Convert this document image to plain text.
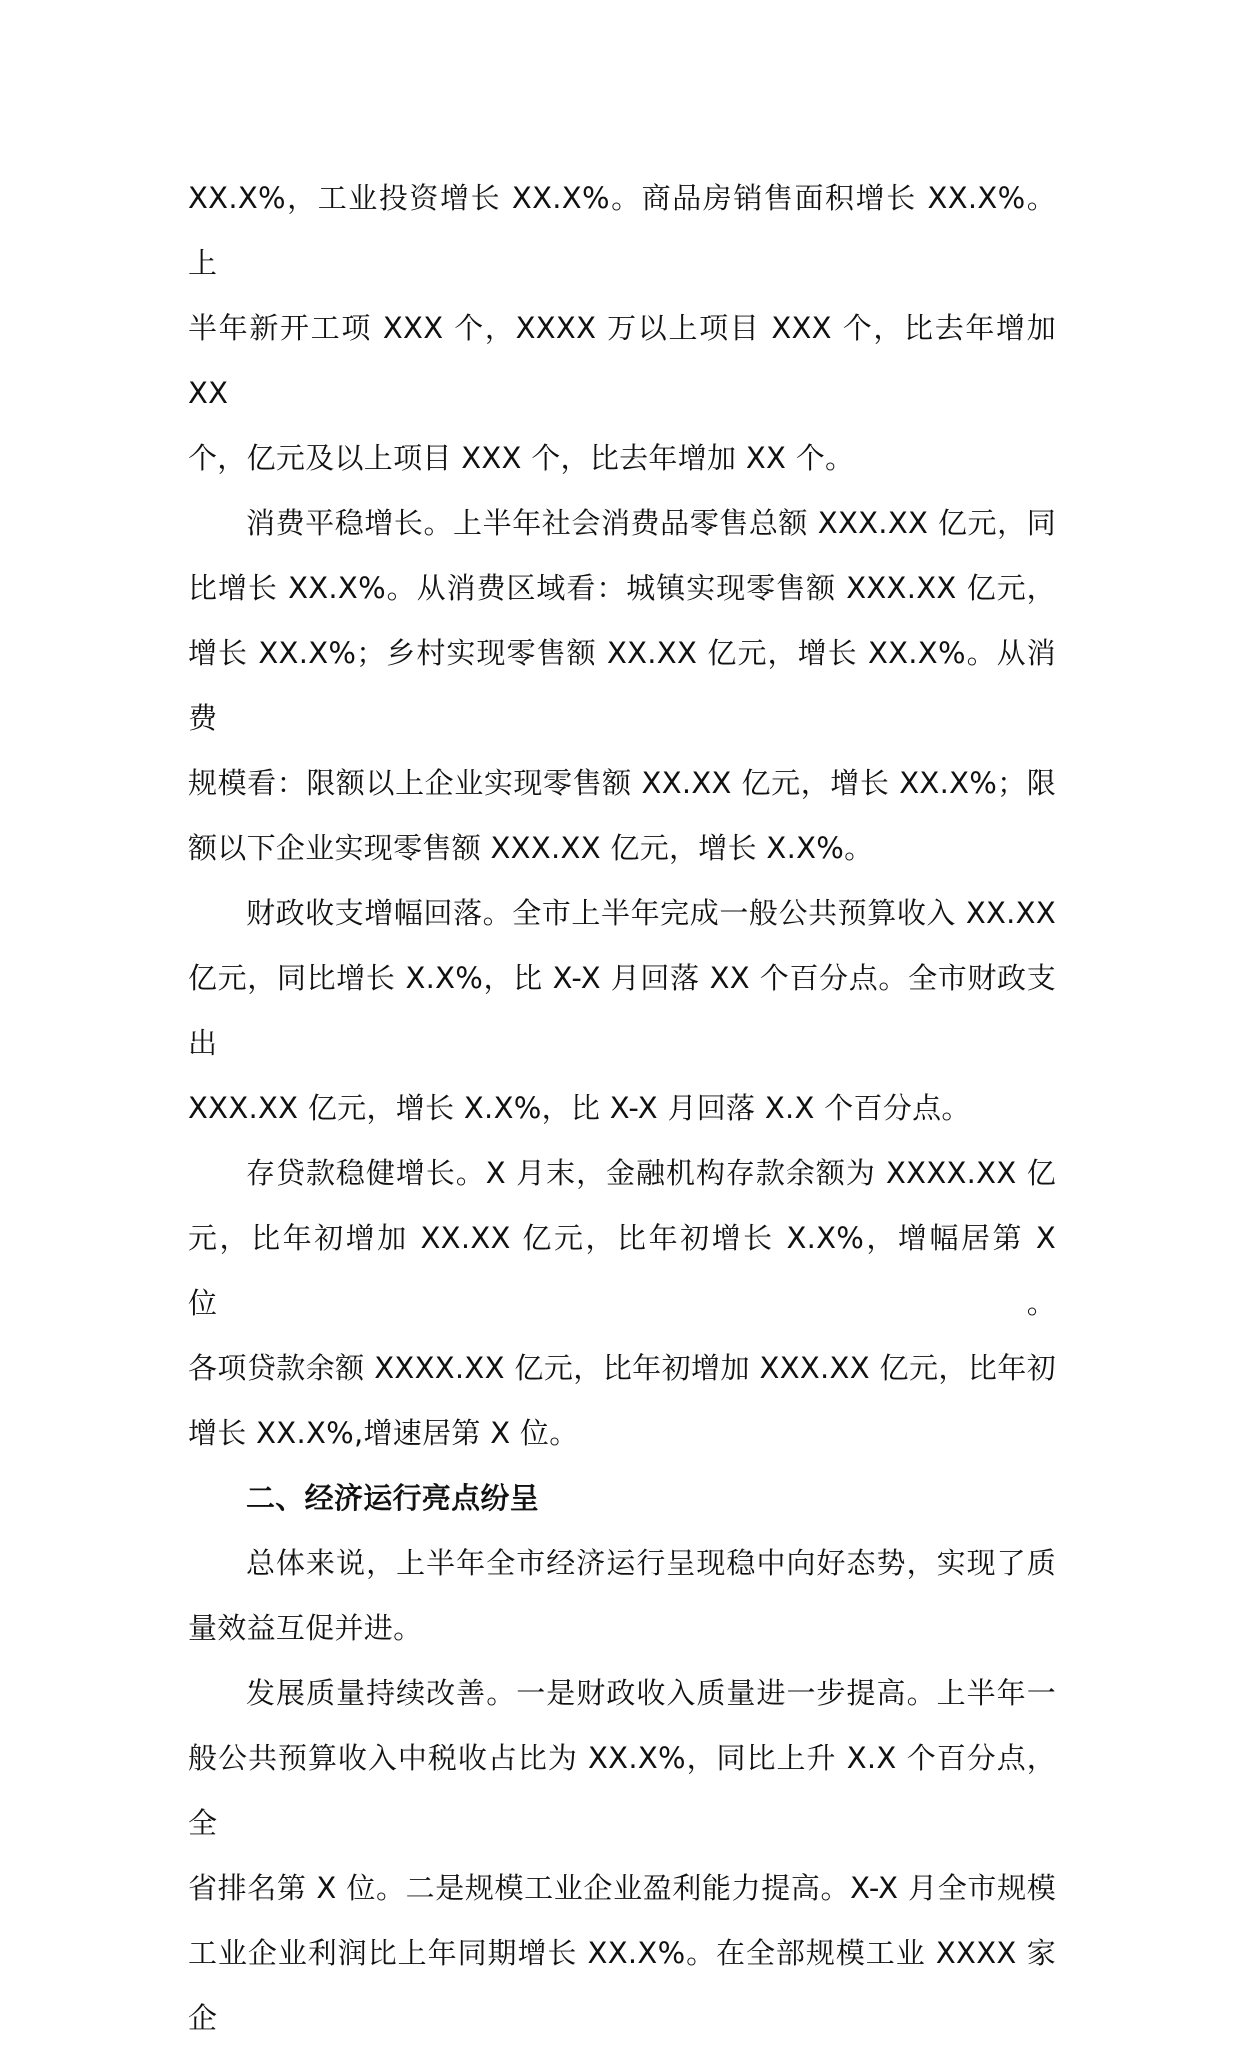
XX.X%，工业投资增长 XX.X%。商品房销售面积增长 XX.X%。上
半年新开工项 XXX 个，XXXX 万以上项目 XXX 个，比去年增加 XX
个，亿元及以上项目 XXX 个，比去年增加 XX 个。
消费平稳增长。上半年社会消费品零售总额 XXX.XX 亿元，同
比增长 XX.X%。从消费区域看：城镇实现零售额 XXX.XX 亿元，
增长 XX.X%；乡村实现零售额 XX.XX 亿元，增长 XX.X%。从消费
规模看：限额以上企业实现零售额 XX.XX 亿元，增长 XX.X%；限
额以下企业实现零售额 XXX.XX 亿元，增长 X.X%。
财政收支增幅回落。全市上半年完成一般公共预算收入 XX.XX
亿元，同比增长 X.X%，比 X-X 月回落 XX 个百分点。全市财政支出
XXX.XX 亿元，增长 X.X%，比 X-X 月回落 X.X 个百分点。
存贷款稳健增长。X 月末，金融机构存款余额为 XXXX.XX 亿
元，比年初增加 XX.XX 亿元，比年初增长 X.X%，增幅居第 X 位。
各项贷款余额 XXXX.XX 亿元，比年初增加 XXX.XX 亿元，比年初
增长 XX.X%,增速居第 X 位。
二、经济运行亮点纷呈
总体来说，上半年全市经济运行呈现稳中向好态势，实现了质
量效益互促并进。
发展质量持续改善。一是财政收入质量进一步提高。上半年一
般公共预算收入中税收占比为 XX.X%，同比上升 X.X 个百分点，全
省排名第 X 位。二是规模工业企业盈利能力提高。X-X 月全市规模
工业企业利润比上年同期增长 XX.X%。在全部规模工业 XXXX 家企
